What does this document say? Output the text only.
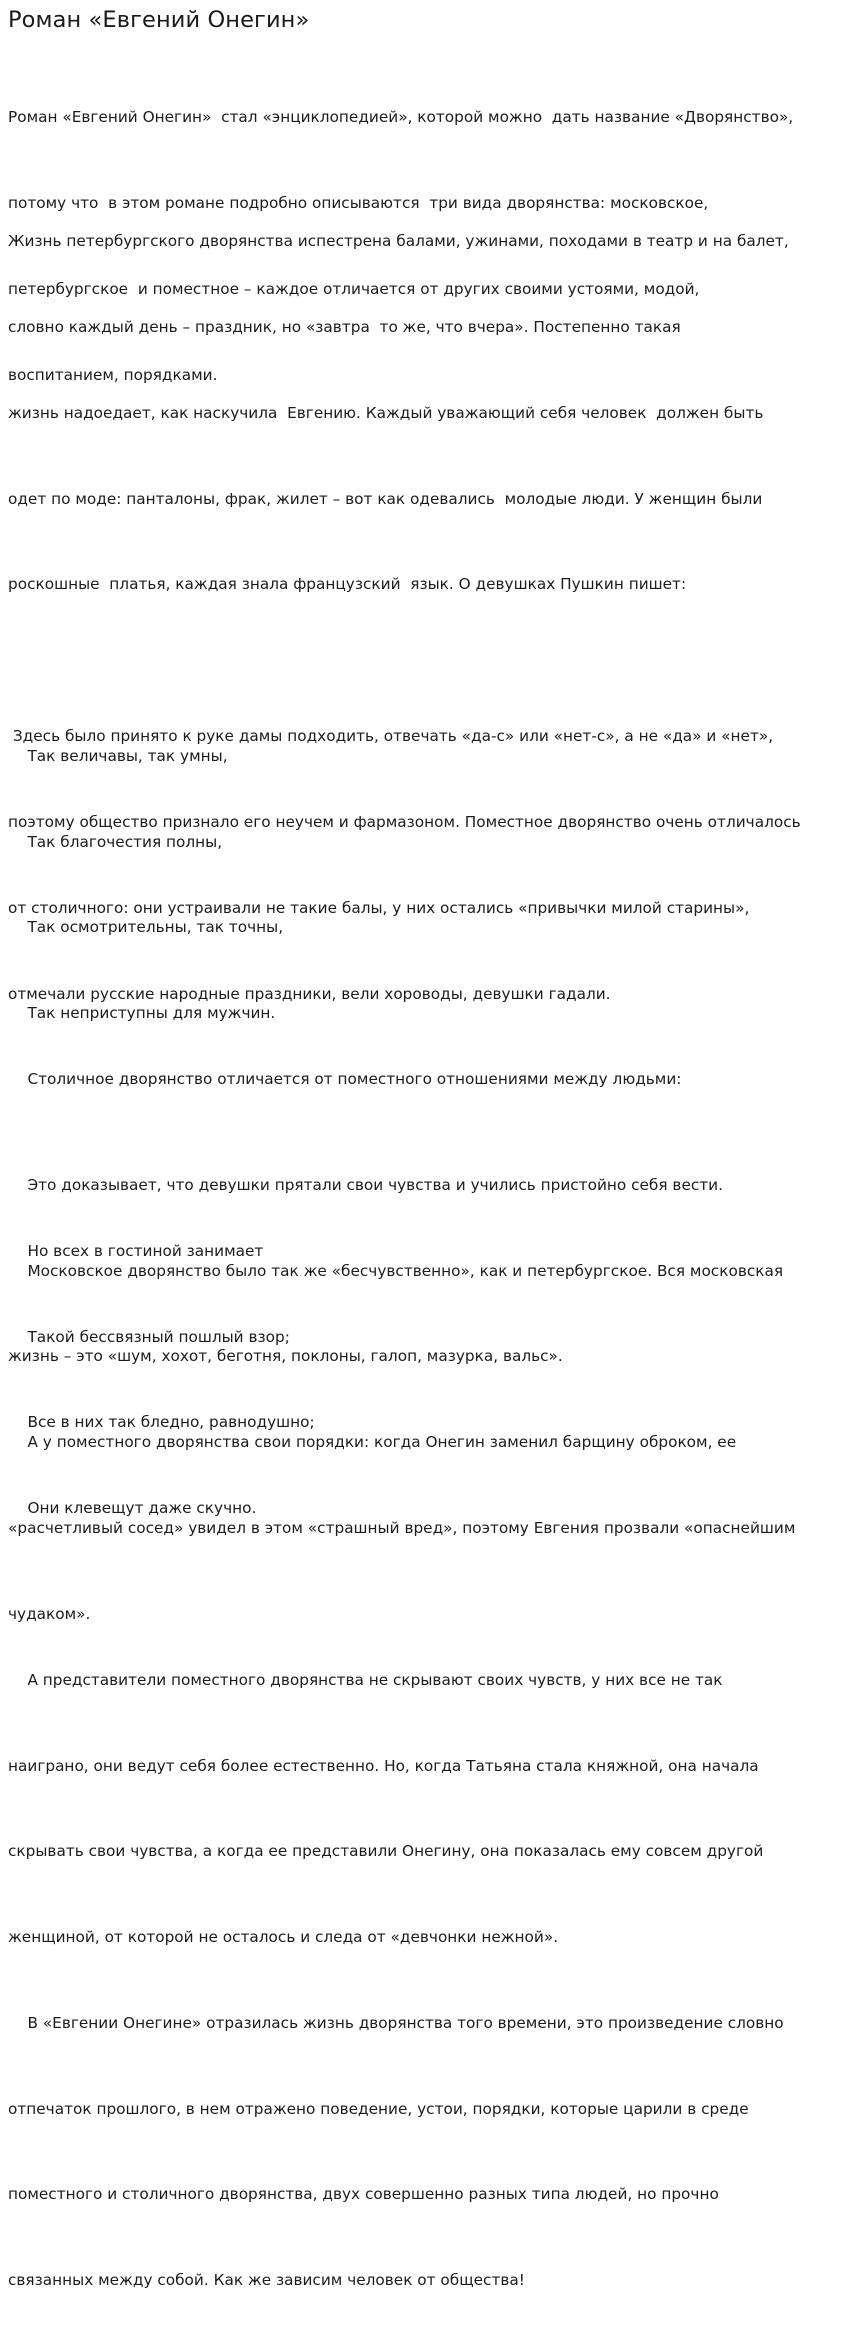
Роман «Евгений Онегин»

Роман «Евгений Онегин»  стал «энциклопедией», которой можно  дать название «Дворянство»,

потому что  в этом романе подробно описываются  три вида дворянства: московское,

петербургское  и поместное – каждое отличается от других своими устоями, модой,

воспитанием, порядками.

Жизнь петербургского дворянства испестрена балами, ужинами, походами в театр и на балет,

словно каждый день – праздник, но «завтра  то же, что вчера». Постепенно такая

жизнь надоедает, как наскучила  Евгению. Каждый уважающий себя человек  должен быть

одет по моде: панталоны, фрак, жилет – вот как одевались  молодые люди. У женщин были

роскошные  платья, каждая знала французский  язык. О девушках Пушкин пишет:

Так величавы, так умны,

Так благочестия полны,

Так осмотрительны, так точны,

Так неприступны для мужчин.

Это доказывает, что девушки прятали свои чувства и учились пристойно себя вести.

Московское дворянство было так же «бесчувственно», как и петербургское. Вся московская

жизнь – это «шум, хохот, беготня, поклоны, галоп, мазурка, вальс».

А у поместного дворянства свои порядки: когда Онегин заменил барщину оброком, ее

«расчетливый сосед» увидел в этом «страшный вред», поэтому Евгения прозвали «опаснейшим

чудаком».

Здесь было принято к руке дамы подходить, отвечать «да-с» или «нет-с», а не «да» и «нет»,

поэтому общество признало его неучем и фармазоном. Поместное дворянство очень отличалось

от столичного: они устраивали не такие балы, у них остались «привычки милой старины»,

отмечали русские народные праздники, вели хороводы, девушки гадали.

Столичное дворянство отличается от поместного отношениями между людьми:

Но всех в гостиной занимает

Такой бессвязный пошлый взор;

Все в них так бледно, равнодушно;

Они клевещут даже скучно.

А представители поместного дворянства не скрывают своих чувств, у них все не так

наиграно, они ведут себя более естественно. Но, когда Татьяна стала княжной, она начала

скрывать свои чувства, а когда ее представили Онегину, она показалась ему совсем другой

женщиной, от которой не осталось и следа от «девчонки нежной».

В «Евгении Онегине» отразилась жизнь дворянства того времени, это произведение словно

отпечаток прошлого, в нем отражено поведение, устои, порядки, которые царили в среде

поместного и столичного дворянства, двух совершенно разных типа людей, но прочно

связанных между собой. Как же зависим человек от общества!
